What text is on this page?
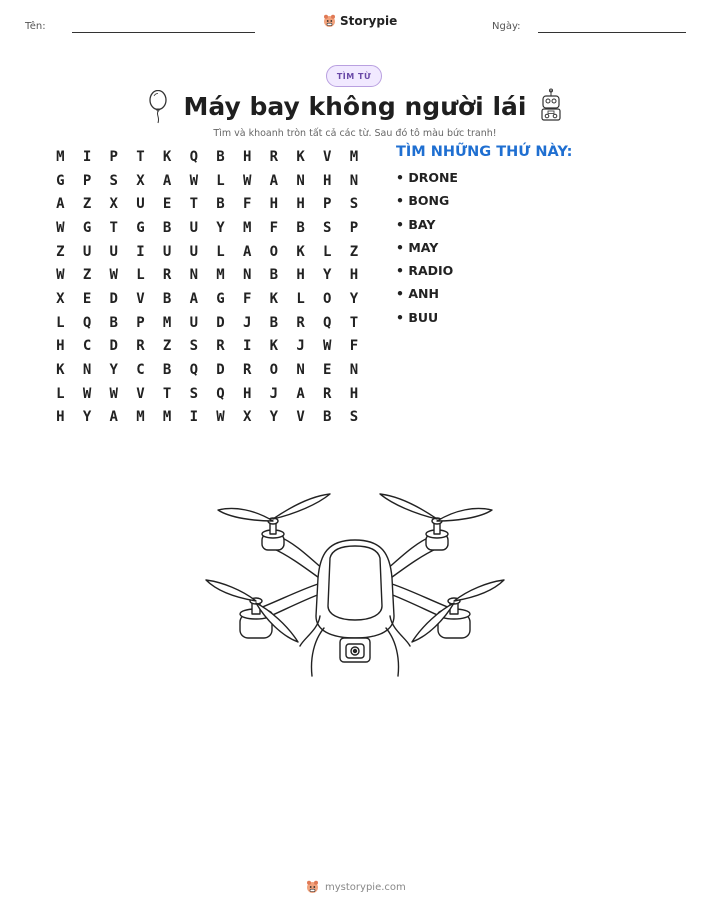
Tên:	Storypie	Ngày:
TÌM TỪ
Máy bay không người lái
Tìm và khoanh tròn tất cả các từ. Sau đó tô màu bức tranh!
M	I	P	T	K	Q	B	H	R	K	V	M
G	P	S	X	A	W	L	W	A	N	H	N
A	Z	X	U	E	T	B	F	H	H	P	S
W	G	T	G	B	U	Y	M	F	B	S	P
Z	U	U	I	U	U	L	A	O	K	L	Z
W	Z	W	L	R	N	M	N	B	H	Y	H
X	E	D	V	B	A	G	F	K	L	O	Y
L	Q	B	P	M	U	D	J	B	R	Q	T
H	C	D	R	Z	S	R	I	K	J	W	F
K	N	Y	C	B	Q	D	R	O	N	E	N
L	W	W	V	T	S	Q	H	J	A	R	H
H	Y	A	M	M	I	W	X	Y	V	B	S
TÌM NHỮNG THỨ NÀY:
• DRONE
• BONG
• BAY
• MAY
• RADIO
• ANH
• BUU
mystorypie.com
